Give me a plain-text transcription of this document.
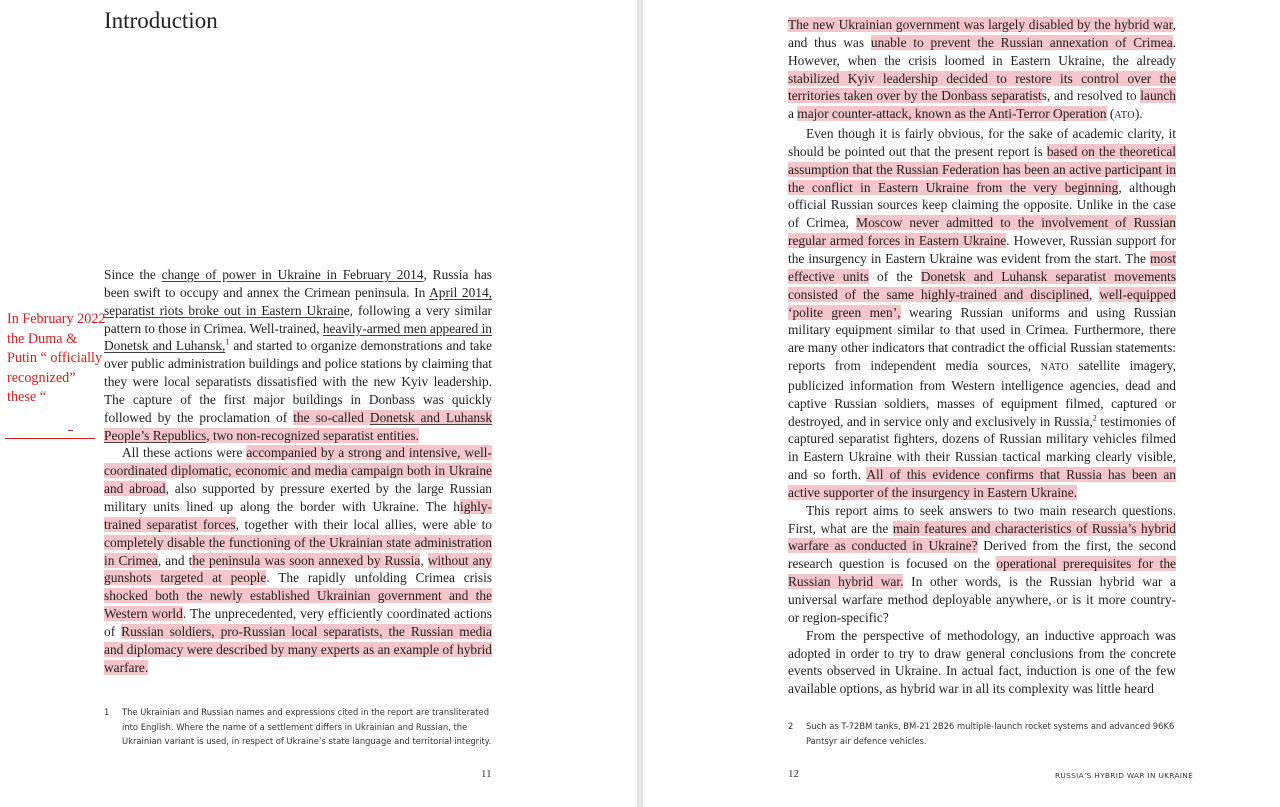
Introduction

Since the change of power in Ukraine in February 2014, Russia has been swift to occupy and annex the Crimean peninsula. In April 2014, separatist riots broke out in Eastern Ukraine, following a very similar pattern to those in Crimea. Well-trained, heavily-armed men appeared in Donetsk and Luhansk,$^1$ and started to organize demonstrations and take over public administration buildings and police stations by claiming that they were local separatists dissatisfied with the new Kyiv leadership. The capture of the first major buildings in Donbass was quickly followed by the proclamation of the so-called Donetsk and Luhansk People’s Republics, two non-recognized separatist entities.

All these actions were accompanied by a strong and intensive, well-coordinated diplomatic, economic and media campaign both in Ukraine and abroad, also supported by pressure exerted by the large Russian military units lined up along the border with Ukraine. The highly-trained separatist forces, together with their local allies, were able to completely disable the functioning of the Ukrainian state administration in Crimea, and the peninsula was soon annexed by Russia, without any gunshots targeted at people. The rapidly unfolding Crimea crisis shocked both the newly established Ukrainian government and the Western world. The unprecedented, very efficiently coordinated actions of Russian soldiers, pro-Russian local separatists, the Russian media and diplomacy were described by many experts as an example of hybrid warfare.

The new Ukrainian government was largely disabled by the hybrid war, and thus was unable to prevent the Russian annexation of Crimea. However, when the crisis loomed in Eastern Ukraine, the already stabilized Kyiv leadership decided to restore its control over the territories taken over by the Donbass separatists, and resolved to launch a major counter-attack, known as the Anti-Terror Operation (ATO).

Even though it is fairly obvious, for the sake of academic clarity, it should be pointed out that the present report is based on the theoretical assumption that the Russian Federation has been an active participant in the conflict in Eastern Ukraine from the very beginning, although official Russian sources keep claiming the opposite. Unlike in the case of Crimea, Moscow never admitted to the involvement of Russian regular armed forces in Eastern Ukraine. However, Russian support for the insurgency in Eastern Ukraine was evident from the start. The most effective units of the Donetsk and Luhansk separatist movements consisted of the same highly-trained and disciplined, well-equipped ‘polite green men’, wearing Russian uniforms and using Russian military equipment similar to that used in Crimea. Furthermore, there are many other indicators that contradict the official Russian statements: reports from independent media sources, NATO satellite imagery, publicized information from Western intelligence agencies, dead and captive Russian soldiers, masses of equipment filmed, captured or destroyed, and in service only and exclusively in Russia,$^2$ testimonies of captured separatist fighters, dozens of Russian military vehicles filmed in Eastern Ukraine with their Russian tactical marking clearly visible, and so forth. All of this evidence confirms that Russia has been an active supporter of the insurgency in Eastern Ukraine.

This report aims to seek answers to two main research questions. First, what are the main features and characteristics of Russia’s hybrid warfare as conducted in Ukraine? Derived from the first, the second research question is focused on the operational prerequisites for the Russian hybrid war. In other words, is the Russian hybrid war a universal warfare method deployable anywhere, or is it more country- or region-specific?

From the perspective of methodology, an inductive approach was adopted in order to try to draw general conclusions from the concrete events observed in Ukraine. In actual fact, induction is one of the few available options, as hybrid war in all its complexity was little heard

1 The Ukrainian and Russian names and expressions cited in the report are transliterated into English. Where the name of a settlement differs in Ukrainian and Russian, the Ukrainian variant is used, in respect of Ukraine’s state language and territorial integrity.
2 Such as T-72BM tanks, BM-21 2B26 multiple-launch rocket systems and advanced 96K6 Pantsyr air defence vehicles.
11	12	RUSSIA’S HYBRID WAR IN UKRAINE
In February 2022 the Duma & Putin “ officially recognized” these “
